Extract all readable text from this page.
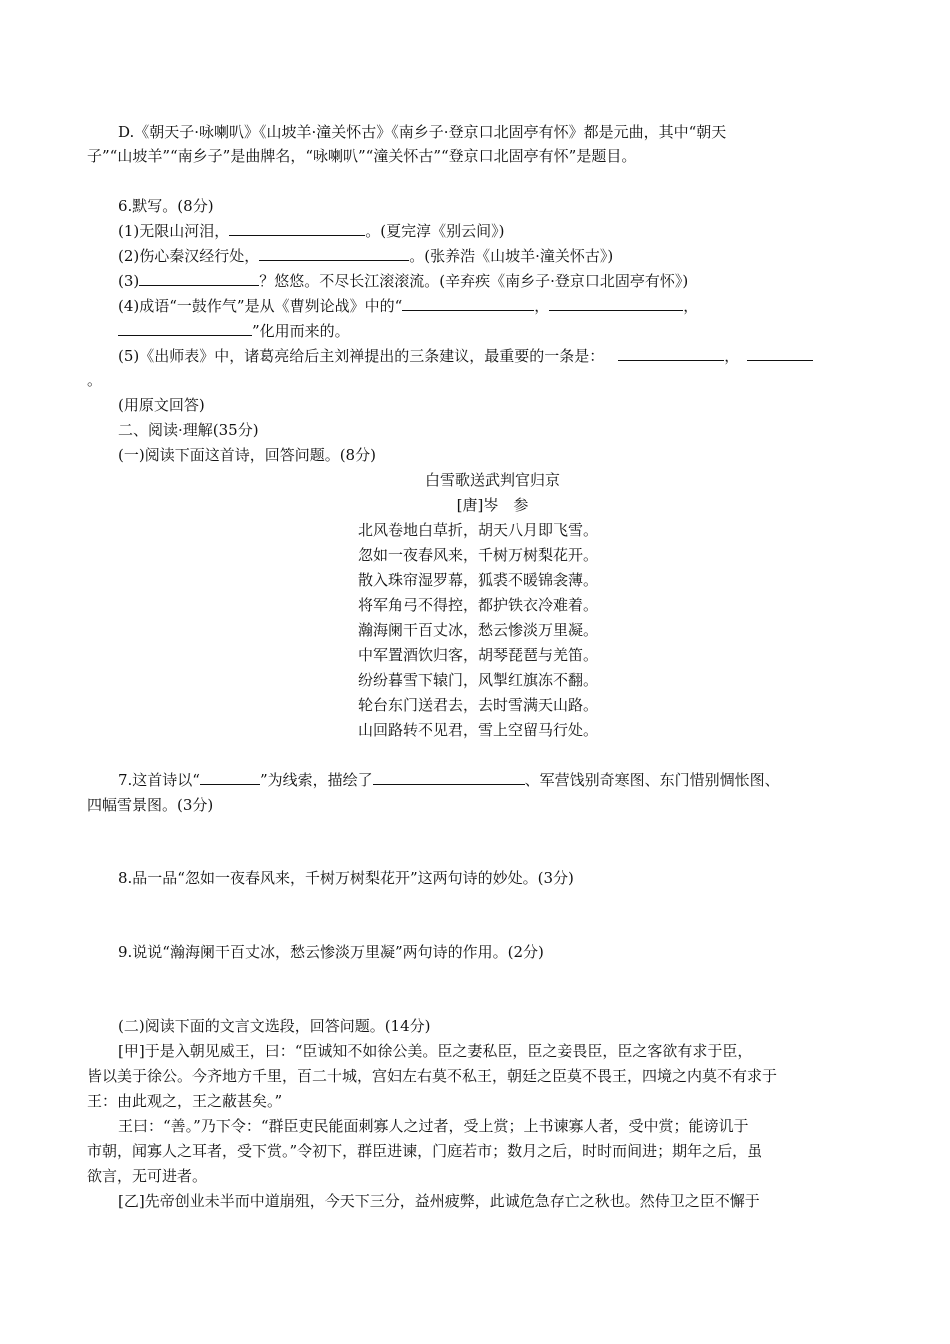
D.《朝天子·咏喇叭》《山坡羊·潼关怀古》《南乡子·登京口北固亭有怀》都是元曲，其中“朝天
子”“山坡羊”“南乡子”是曲牌名，“咏喇叭”“潼关怀古”“登京口北固亭有怀”是题目。
6.默写。(8分)
(1)无限山河泪，	。(夏完淳《别云间》)
(2)伤心秦汉经行处，	。(张养浩《山坡羊·潼关怀古》)
(3)	？悠悠。不尽长江滚滚流。(辛弃疾《南乡子·登京口北固亭有怀》)
(4)成语“一鼓作气”是从《曹刿论战》中的“	，	，
”化用而来的。
(5)《出师表》中，诸葛亮给后主刘禅提出的三条建议，最重要的一条是：	，
。
(用原文回答)
二、阅读·理解(35分)
(一)阅读下面这首诗，回答问题。(8分)
白雪歌送武判官归京
[唐]岑　参
北风卷地白草折，胡天八月即飞雪。
忽如一夜春风来，千树万树梨花开。
散入珠帘湿罗幕，狐裘不暖锦衾薄。
将军角弓不得控，都护铁衣冷难着。
瀚海阑干百丈冰，愁云惨淡万里凝。
中军置酒饮归客，胡琴琵琶与羌笛。
纷纷暮雪下辕门，风掣红旗冻不翻。
轮台东门送君去，去时雪满天山路。
山回路转不见君，雪上空留马行处。
7.这首诗以“	”为线索，描绘了	、军营饯别奇寒图、东门惜别惆怅图、
四幅雪景图。(3分)
8.品一品“忽如一夜春风来，千树万树梨花开”这两句诗的妙处。(3分)
9.说说“瀚海阑干百丈冰，愁云惨淡万里凝”两句诗的作用。(2分)
(二)阅读下面的文言文选段，回答问题。(14分)
[甲]于是入朝见威王，曰：“臣诚知不如徐公美。臣之妻私臣，臣之妾畏臣，臣之客欲有求于臣，
皆以美于徐公。今齐地方千里，百二十城，宫妇左右莫不私王，朝廷之臣莫不畏王，四境之内莫不有求于
王：由此观之，王之蔽甚矣。”
王曰：“善。”乃下令：“群臣吏民能面刺寡人之过者，受上赏；上书谏寡人者，受中赏；能谤讥于
市朝，闻寡人之耳者，受下赏。”令初下，群臣进谏，门庭若市；数月之后，时时而间进；期年之后，虽
欲言，无可进者。
[乙]先帝创业未半而中道崩殂，今天下三分，益州疲弊，此诚危急存亡之秋也。然侍卫之臣不懈于
